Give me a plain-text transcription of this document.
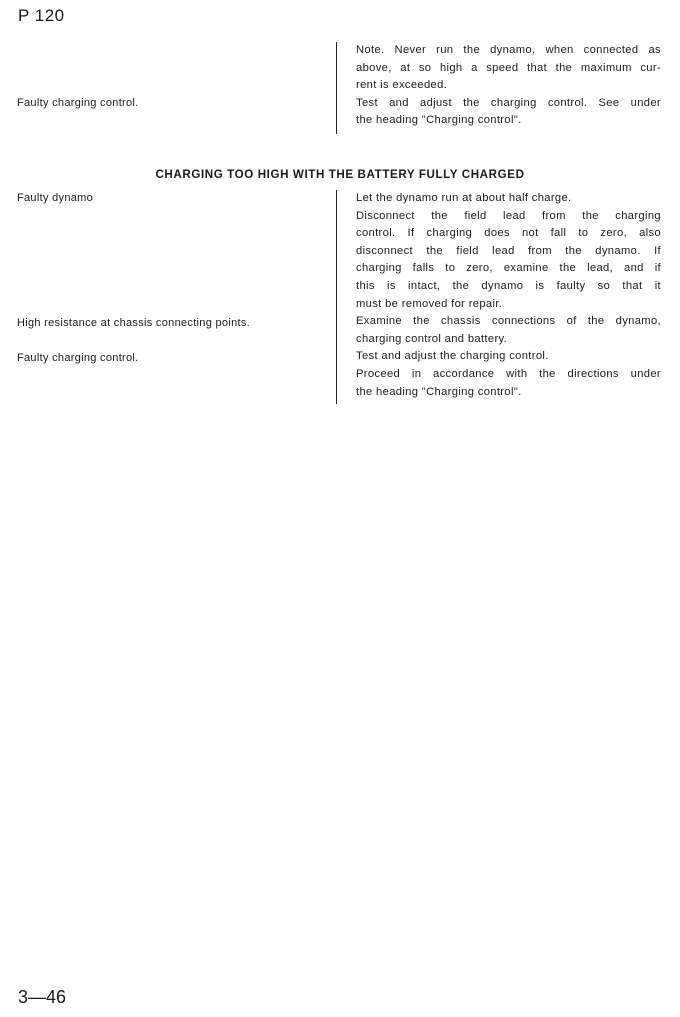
P 120
Faulty charging control.
Note. Never run the dynamo, when connected as
above, at so high a speed that the maximum cur-
rent is exceeded.
Test and adjust the charging control. See under
the heading "Charging control".
CHARGING TOO HIGH WITH THE BATTERY FULLY CHARGED
Faulty dynamo
High resistance at chassis connecting points.
Faulty charging control.
Let the dynamo run at about half charge.
Disconnect the field lead from the charging
control. If charging does not fall to zero, also
disconnect the field lead from the dynamo. If
charging falls to zero, examine the lead, and if
this is intact, the dynamo is faulty so that it
must be removed for repair.
Examine the chassis connections of the dynamo,
charging control and battery.
Test and adjust the charging control.
Proceed in accordance with the directions under
the heading "Charging control".
3—46
